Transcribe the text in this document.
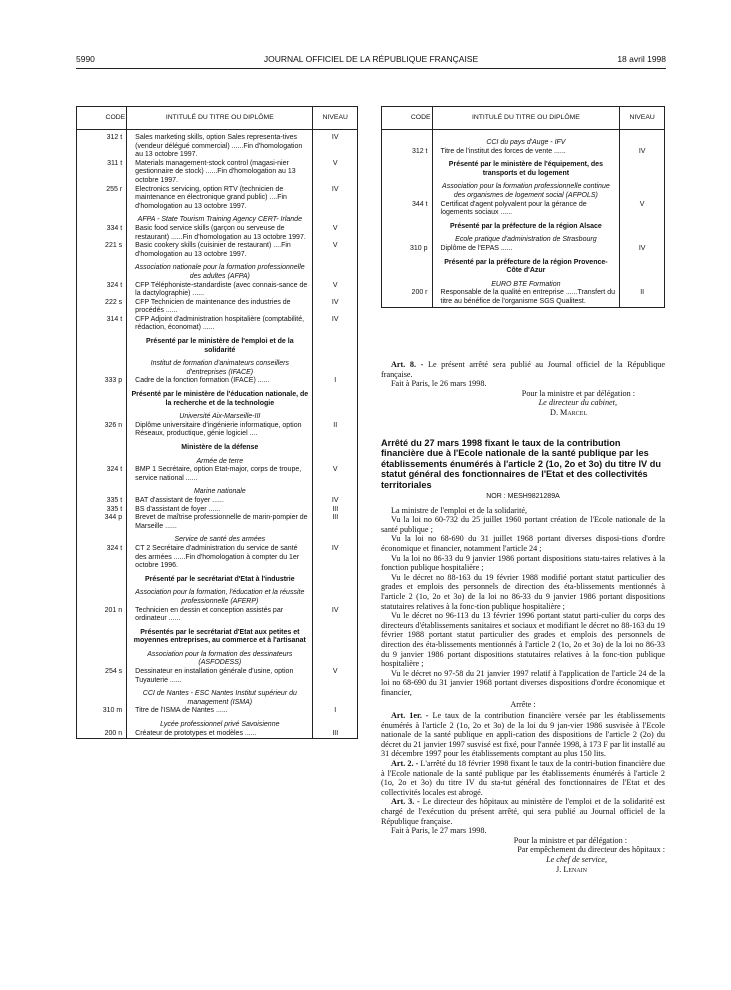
5990	JOURNAL OFFICIEL DE LA RÉPUBLIQUE FRANÇAISE	18 avril 1998
CODE	INTITULÉ DU TITRE OU DIPLÔME	NIVEAU

312 t	Sales marketing skills, option Sales representa-tives (vendeur délégué commercial) ......Fin d'homologation au 13 octobre 1997.	IV
311 t	Materials management-stock control (magasi-nier gestionnaire de stock) ......Fin d'homologation au 13 octobre 1997.	V
255 r	Electronics servicing, option RTV (technicien de maintenance en électronique grand public) ....Fin d'homologation au 13 octobre 1997.	IV
	AFPA - State Tourism Training Agency CERT- Irlande	
334 t	Basic food service skills (garçon ou serveuse de restaurant) ......Fin d'homologation au 13 octobre 1997.	V
221 s	Basic cookery skills (cuisinier de restaurant) ....Fin d'homologation au 13 octobre 1997.	V
	Association nationale pour la formation professionnelle des adultes (AFPA)	
324 t	CFP Téléphoniste-standardiste (avec connais-sance de la dactylographie) ......	V
222 s	CFP Technicien de maintenance des industries de procédés ......	IV
314 t	CFP Adjoint d'administration hospitalière (comptabilité, rédaction, économat) ......	IV
	Présenté par le ministère de l'emploi et de la solidarité	
	Institut de formation d'animateurs conseillers d'entreprises (IFACE)	
333 p	Cadre de la fonction formation (IFACE) ......	I
	Présenté par le ministère de l'éducation nationale, de la recherche et de la technologie	
	Université Aix-Marseille-III	
326 n	Diplôme universitaire d'ingénierie informatique, option Réseaux, productique, génie logiciel ....	II
	Ministère de la défense	
	Armée de terre	
324 t	BMP 1 Secrétaire, option Etat-major, corps de troupe, service national ......	V
	Marine nationale	
335 t	BAT d'assistant de foyer ......	IV
335 t	BS d'assistant de foyer ......	III
344 p	Brevet de maîtrise professionnelle de marin-pompier de Marseille ......	III
	Service de santé des armées	
324 t	CT 2 Secrétaire d'administration du service de santé des armées ......Fin d'homologation à compter du 1er octobre 1996.	IV
	Présenté par le secrétariat d'Etat à l'industrie	
	Association pour la formation, l'éducation et la réussite professionnelle (AFERP)	
201 n	Technicien en dessin et conception assistés par ordinateur ......	IV
	Présentés par le secrétariat d'Etat aux petites et moyennes entreprises, au commerce et à l'artisanat	
	Association pour la formation des dessinateurs (ASFODESS)	
254 s	Dessinateur en installation générale d'usine, option Tuyauterie ......	V
	CCI de Nantes - ESC Nantes Institut supérieur du management (ISMA)	
310 m	Titre de l'ISMA de Nantes ......	I
	Lycée professionnel privé Savoisienne	
200 n	Créateur de prototypes et modèles ......	III
CODE	INTITULÉ DU TITRE OU DIPLÔME	NIVEAU

	CCI du pays d'Auge - IFV	
312 t	Titre de l'institut des forces de vente ......	IV
	Présenté par le ministère de l'équipement, des transports et du logement	
	Association pour la formation professionnelle continue des organismes de logement social (AFPOLS)	
344 t	Certificat d'agent polyvalent pour la gérance de logements sociaux ......	V
	Présenté par la préfecture de la région Alsace	
	Ecole pratique d'administration de Strasbourg	
310 p	Diplôme de l'EPAS ......	IV
	Présenté par la préfecture de la région Provence-Côte d'Azur	
	EURO BTE Formation	
200 r	Responsable de la qualité en entreprise ......Transfert du titre au bénéfice de l'organisme SGS Qualitest.	II

Art. 8. - Le présent arrêté sera publié au Journal officiel de la République française.

Fait à Paris, le 26 mars 1998.

Pour la ministre et par délégation :

Le directeur du cabinet,

D. Marcel

Arrêté du 27 mars 1998 fixant le taux de la contribution financière due à l'Ecole nationale de la santé publique par les établissements énumérés à l'article 2 (1o, 2o et 3o) du titre IV du statut général des fonctionnaires de l'Etat et des collectivités territoriales
NOR : MESH9821289A

La ministre de l'emploi et de la solidarité,

Vu la loi no 60-732 du 25 juillet 1960 portant création de l'Ecole nationale de la santé publique ;

Vu la loi no 68-690 du 31 juillet 1968 portant diverses disposi-tions d'ordre économique et financier, notamment l'article 24 ;

Vu la loi no 86-33 du 9 janvier 1986 portant dispositions statu-taires relatives à la fonction publique hospitalière ;

Vu le décret no 88-163 du 19 février 1988 modifié portant statut particulier des grades et emplois des personnels de direction des éta-blissements mentionnés à l'article 2 (1o, 2o et 3o) de la loi no 86-33 du 9 janvier 1986 portant dispositions statutaires relatives à la fonc-tion publique hospitalière ;

Vu le décret no 96-113 du 13 février 1996 portant statut parti-culier du corps des directeurs d'établissements sanitaires et sociaux et modifiant le décret no 88-163 du 19 février 1988 portant statut particulier des grades et emplois des personnels de direction des éta-blissements mentionnés à l'article 2 (1o, 2o et 3o) de la loi no 86-33 du 9 janvier 1986 portant dispositions statutaires relatives à la fonc-tion publique hospitalière ;

Vu le décret no 97-58 du 21 janvier 1997 relatif à l'application de l'article 24 de la loi no 68-690 du 31 janvier 1968 portant diverses dispositions d'ordre économique et financier,

Arrête :

Art. 1er. - Le taux de la contribution financière versée par les établissements énumérés à l'article 2 (1o, 2o et 3o) de la loi du 9 jan-vier 1986 susvisée à l'Ecole nationale de la santé publique en appli-cation des dispositions de l'article 2 (2o) du décret du 21 janvier 1997 susvisé est fixé, pour l'année 1998, à 173 F par lit installé au 31 décembre 1997 pour les établissements comptant au plus 150 lits.

Art. 2. - L'arrêté du 18 février 1998 fixant le taux de la contri-bution financière due à l'Ecole nationale de la santé publique par les établissements énumérés à l'article 2 (1o, 2o et 3o) du titre IV du sta-tut général des fonctionnaires de l'Etat et des collectivités locales est abrogé.

Art. 3. - Le directeur des hôpitaux au ministère de l'emploi et de la solidarité est chargé de l'exécution du présent arrêté, qui sera publié au Journal officiel de la République française.

Fait à Paris, le 27 mars 1998.

Pour la ministre et par délégation :

Par empêchement du directeur des hôpitaux :

Le chef de service,

J. Lenain
